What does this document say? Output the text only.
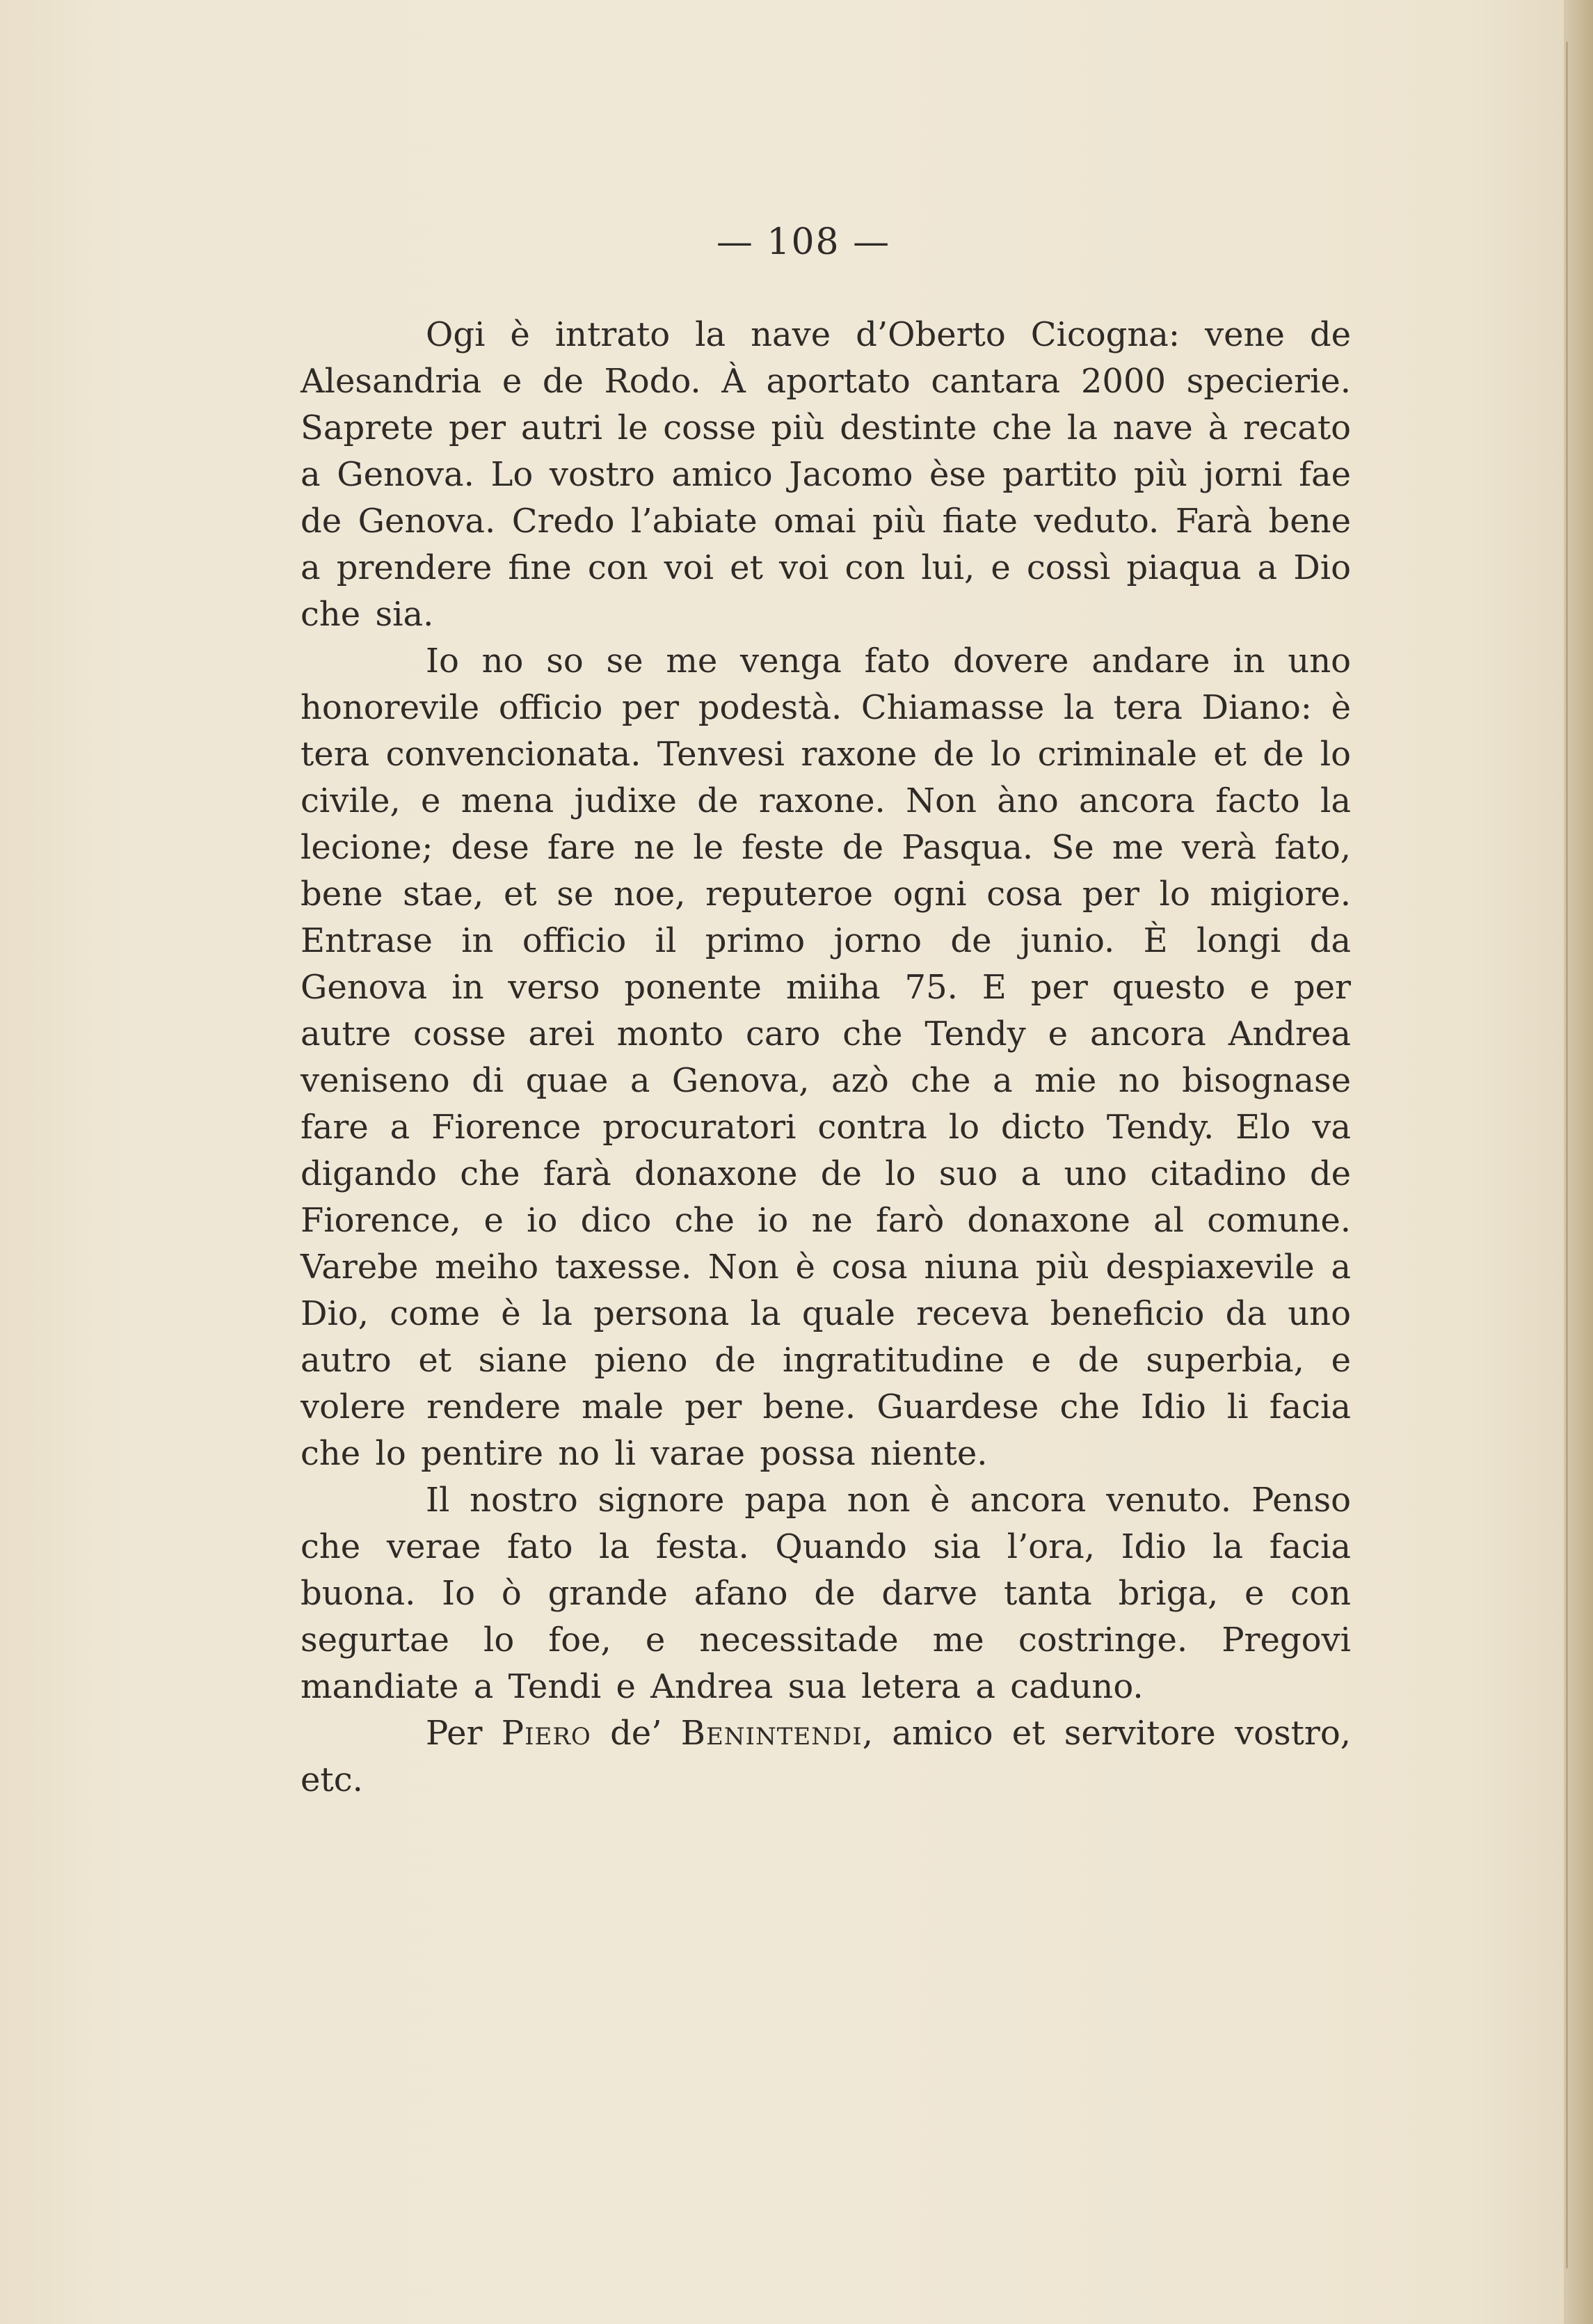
— 108 —

Ogi è intrato la nave d’Oberto Cicogna: vene de Alesandria e de Rodo. À aportato cantara 2000 specierie. Saprete per autri le cosse più destinte che la nave à recato a Genova. Lo vostro amico Jacomo èse partito più jorni fae de Genova. Credo l’abiate omai più fiate veduto. Farà bene a prendere fine con voi et voi con lui, e cossì piaqua a Dio che sia.

Io no so se me venga fato dovere andare in uno honorevile officio per podestà. Chiamasse la tera Diano: è tera convencionata. Tenvesi raxone de lo criminale et de lo civile, e mena judixe de raxone. Non àno ancora facto la lecione; dese fare ne le feste de Pasqua. Se me verà fato, bene stae, et se noe, reputeroe ogni cosa per lo migiore. Entrase in officio il primo jorno de junio. È longi da Genova in verso ponente miiha 75. E per questo e per autre cosse arei monto caro che Tendy e ancora Andrea veniseno di quae a Genova, azò che a mie no bisognase fare a Fiorence procuratori contra lo dicto Tendy. Elo va digando che farà donaxone de lo suo a uno citadino de Fiorence, e io dico che io ne farò donaxone al comune. Varebe meiho taxesse. Non è cosa niuna più despiaxevile a Dio, come è la persona la quale receva beneficio da uno autro et siane pieno de ingratitudine e de superbia, e volere rendere male per bene. Guardese che Idio li facia che lo pentire no li varae possa niente.

Il nostro signore papa non è ancora venuto. Penso che verae fato la festa. Quando sia l’ora, Idio la facia buona. Io ò grande afano de darve tanta briga, e con segurtae lo foe, e necessitade me costringe. Pregovi mandiate a Tendi e Andrea sua letera a caduno.

Per Piero de’ Benintendi, amico et servitore vostro, etc.
